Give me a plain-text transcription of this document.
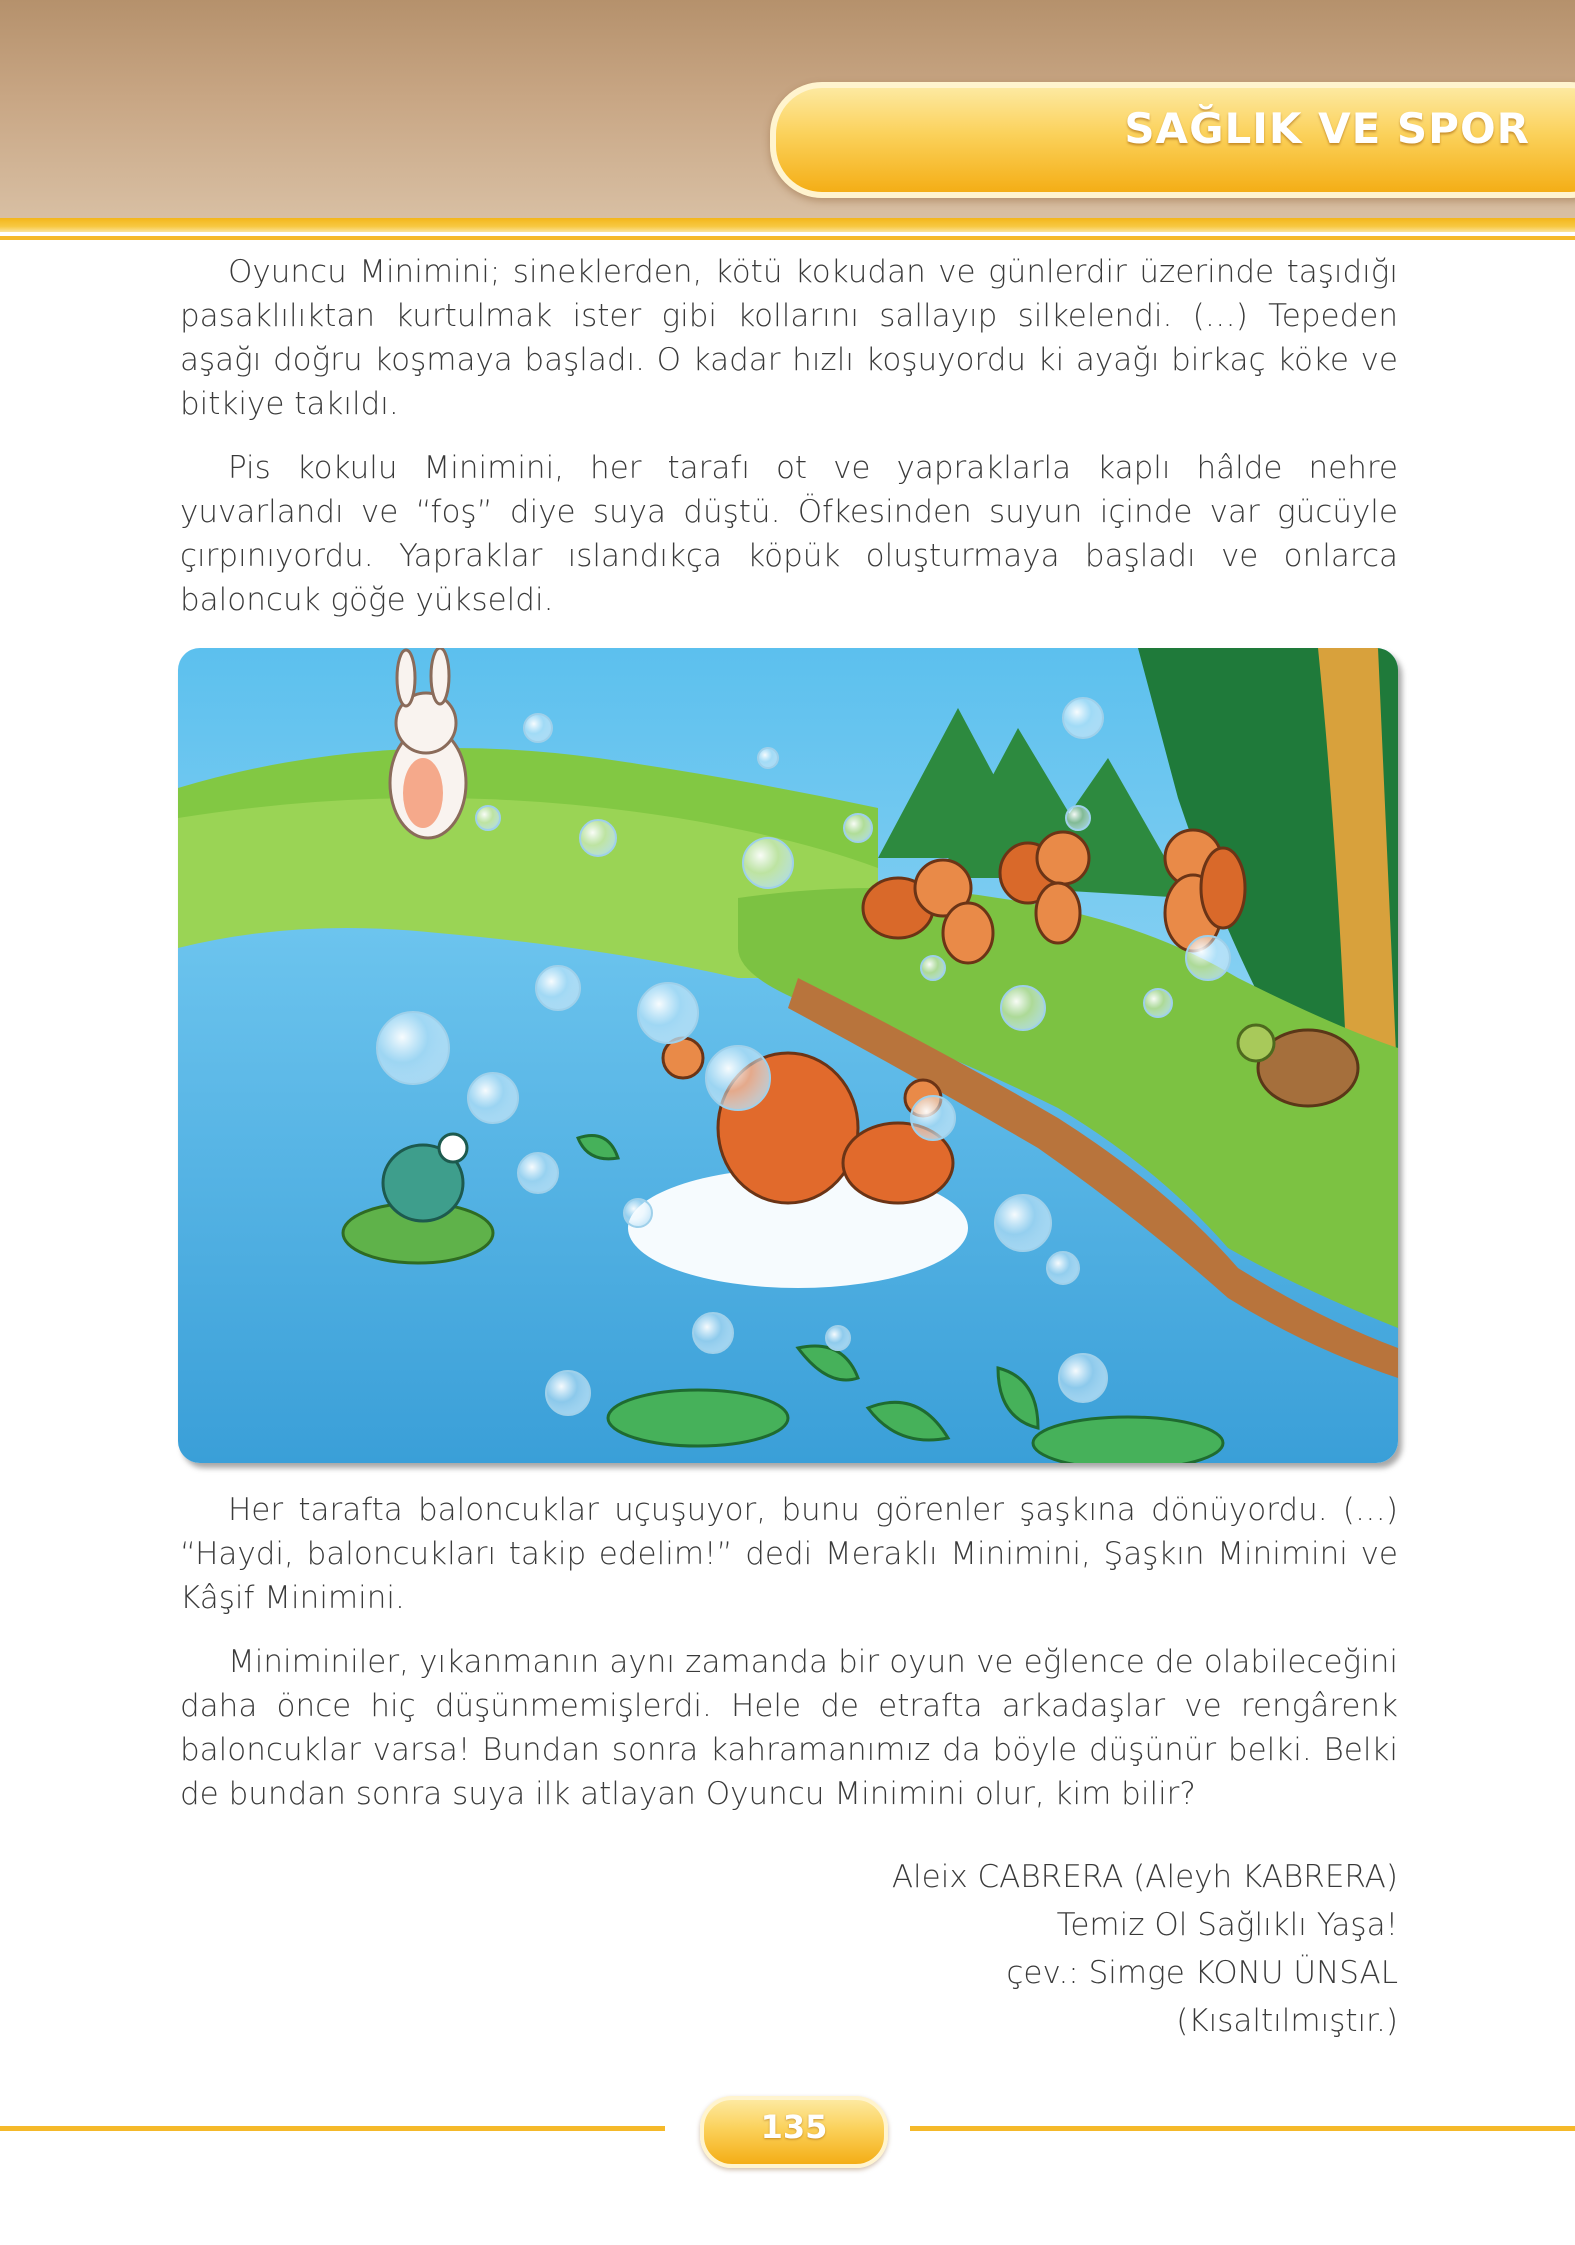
SAĞLIK VE SPOR

Oyuncu Minimini; sineklerden, kötü kokudan ve günlerdir üzerinde taşıdığı pasaklılıktan kurtulmak ister gibi kollarını sallayıp silkelendi. (…) Tepeden aşağı doğru koşmaya başladı. O kadar hızlı koşuyordu ki ayağı birkaç köke ve bitkiye takıldı.

Pis kokulu Minimini, her tarafı ot ve yapraklarla kaplı hâlde nehre yuvarlandı ve “foş” diye suya düştü. Öfkesinden suyun içinde var gücüyle çırpınıyordu. Yapraklar ıslandıkça köpük oluşturmaya başladı ve onlarca baloncuk göğe yükseldi.

Her tarafta baloncuklar uçuşuyor, bunu görenler şaşkına dönüyordu. (…) “Haydi, baloncukları takip edelim!” dedi Meraklı Minimini, Şaşkın Minimini ve Kâşif Minimini.

Miniminiler, yıkanmanın aynı zamanda bir oyun ve eğlence de olabileceğini daha önce hiç düşünmemişlerdi. Hele de etrafta arkadaşlar ve rengârenk baloncuklar varsa! Bundan sonra kahramanımız da böyle düşünür belki. Belki de bundan sonra suya ilk atlayan Oyuncu Minimini olur, kim bilir?

Aleix CABRERA (Aleyh KABRERA)
Temiz Ol Sağlıklı Yaşa!
çev.: Simge KONU ÜNSAL
(Kısaltılmıştır.)
135
